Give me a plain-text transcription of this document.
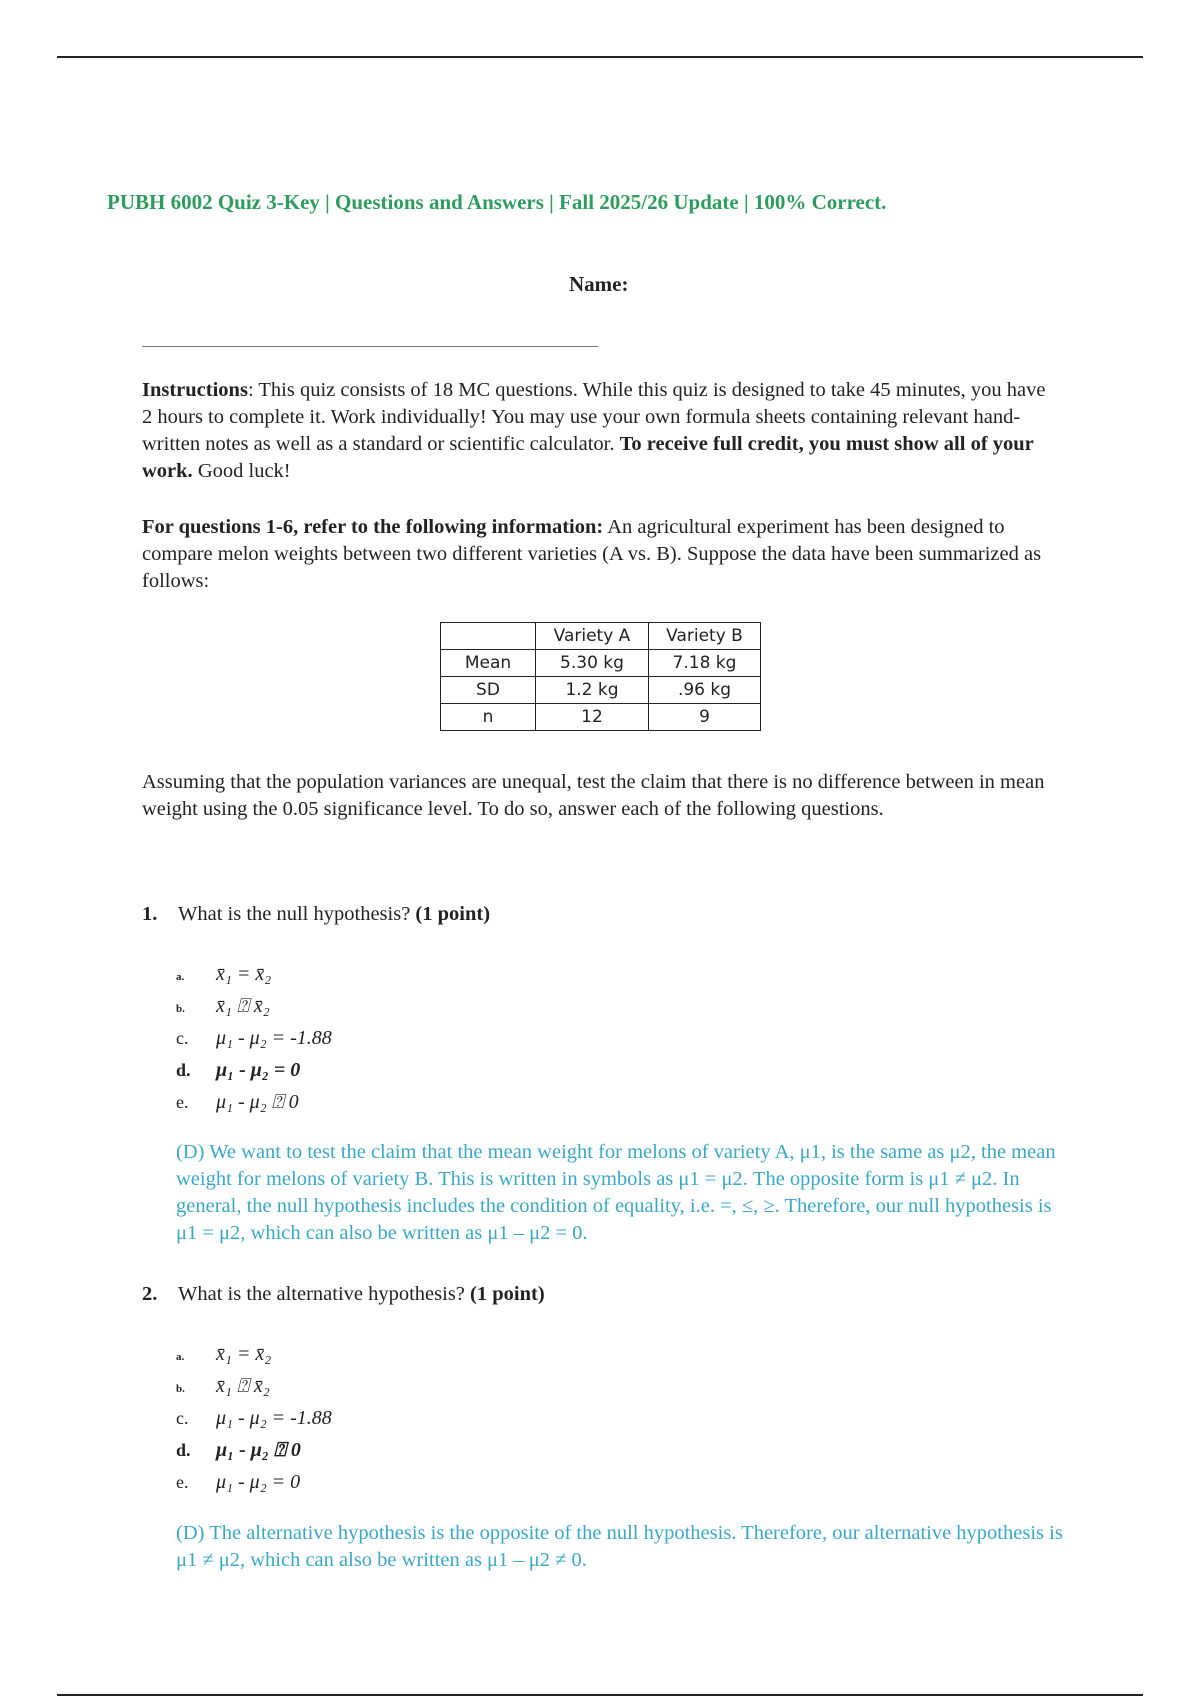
PUBH 6002 Quiz 3-Key | Questions and Answers | Fall 2025/26 Update | 100% Correct.
Name:
Instructions: This quiz consists of 18 MC questions. While this quiz is designed to take 45 minutes, you have 2 hours to complete it. Work individually! You may use your own formula sheets containing relevant hand-written notes as well as a standard or scientific calculator. To receive full credit, you must show all of your work. Good luck!
For questions 1-6, refer to the following information: An agricultural experiment has been designed to compare melon weights between two different varieties (A vs. B). Suppose the data have been summarized as follows:
	Variety A	Variety B
Mean	5.30 kg	7.18 kg
SD	1.2 kg	.96 kg
n	12	9
Assuming that the population variances are unequal, test the claim that there is no difference between in mean weight using the 0.05 significance level. To do so, answer each of the following questions.
1. What is the null hypothesis? (1 point)
a. x̄₁ = x̄₂
b. x̄₁ ⍰ x̄₂
c. μ₁ - μ₂ = -1.88
d. μ₁ - μ₂ = 0
e. μ₁ - μ₂ ⍰ 0
(D) We want to test the claim that the mean weight for melons of variety A, μ1, is the same as μ2, the mean weight for melons of variety B. This is written in symbols as μ1 = μ2. The opposite form is μ1 ≠ μ2. In general, the null hypothesis includes the condition of equality, i.e. =, ≤, ≥. Therefore, our null hypothesis is μ1 = μ2, which can also be written as μ1 – μ2 = 0.
2. What is the alternative hypothesis? (1 point)
a. x̄₁ = x̄₂
b. x̄₁ ⍰ x̄₂
c. μ₁ - μ₂ = -1.88
d. μ₁ - μ₂ ⍰ 0
e. μ₁ - μ₂ = 0
(D) The alternative hypothesis is the opposite of the null hypothesis. Therefore, our alternative hypothesis is μ1 ≠ μ2, which can also be written as μ1 – μ2 ≠ 0.
